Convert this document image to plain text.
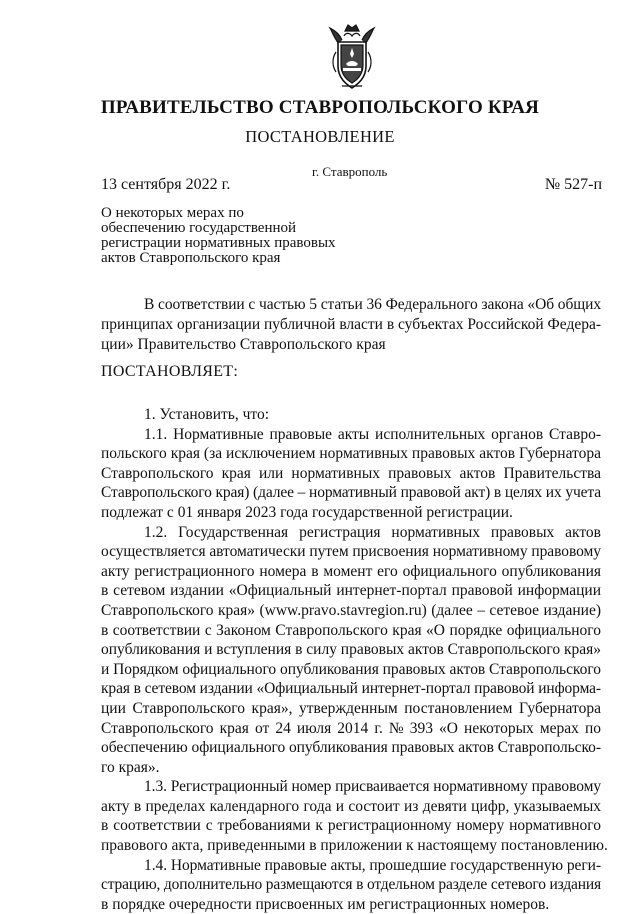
ПРАВИТЕЛЬСТВО СТАВРОПОЛЬСКОГО КРАЯ
ПОСТАНОВЛЕНИЕ
г. Ставрополь
13 сентября 2022 г.	№ 527-п
О некоторых мерах по
обеспечению государственной
регистрации нормативных правовых
актов Ставропольского края
В соответствии с частью 5 статьи 36 Федерального закона «Об общих
принципах организации публичной власти в субъектах Российской Федера-
ции» Правительство Ставропольского края
ПОСТАНОВЛЯЕТ:
1. Установить, что:
1.1. Нормативные правовые акты исполнительных органов Ставро-
польского края (за исключением нормативных правовых актов Губернатора
Ставропольского края или нормативных правовых актов Правительства
Ставропольского края) (далее – нормативный правовой акт) в целях их учета
подлежат с 01 января 2023 года государственной регистрации.
1.2. Государственная регистрация нормативных правовых актов
осуществляется автоматически путем присвоения нормативному правовому
акту регистрационного номера в момент его официального опубликования
в сетевом издании «Официальный интернет-портал правовой информации
Ставропольского края» (www.pravo.stavregion.ru) (далее – сетевое издание)
в соответствии с Законом Ставропольского края «О порядке официального
опубликования и вступления в силу правовых актов Ставропольского края»
и Порядком официального опубликования правовых актов Ставропольского
края в сетевом издании «Официальный интернет-портал правовой информа-
ции Ставропольского края», утвержденным постановлением Губернатора
Ставропольского края от 24 июля 2014 г. № 393 «О некоторых мерах по
обеспечению официального опубликования правовых актов Ставропольско-
го края».
1.3. Регистрационный номер присваивается нормативному правовому
акту в пределах календарного года и состоит из девяти цифр, указываемых
в соответствии с требованиями к регистрационному номеру нормативного
правового акта, приведенными в приложении к настоящему постановлению.
1.4. Нормативные правовые акты, прошедшие государственную реги-
страцию, дополнительно размещаются в отдельном разделе сетевого издания
в порядке очередности присвоенных им регистрационных номеров.
